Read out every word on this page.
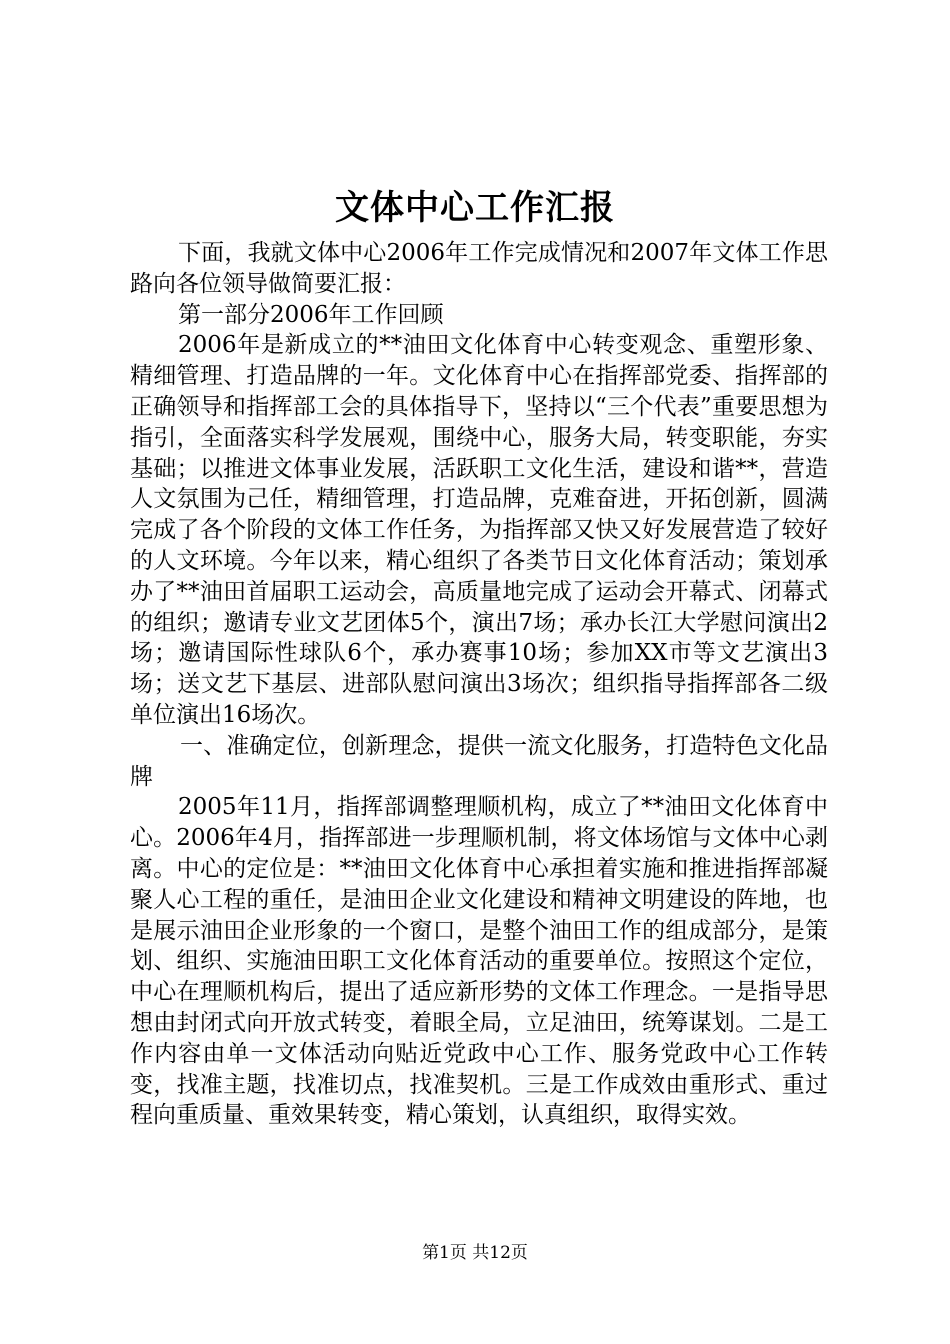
文体中心工作汇报

下面，我就文体中心2006年工作完成情况和2007年文体工作思路向各位领导做简要汇报：

第一部分2006年工作回顾

2006年是新成立的**油田文化体育中心转变观念、重塑形象、精细管理、打造品牌的一年。文化体育中心在指挥部党委、指挥部的正确领导和指挥部工会的具体指导下，坚持以“三个代表”重要思想为指引，全面落实科学发展观，围绕中心，服务大局，转变职能，夯实基础；以推进文体事业发展，活跃职工文化生活，建设和谐**，营造人文氛围为己任，精细管理，打造品牌，克难奋进，开拓创新，圆满完成了各个阶段的文体工作任务，为指挥部又快又好发展营造了较好的人文环境。今年以来，精心组织了各类节日文化体育活动；策划承办了**油田首届职工运动会，高质量地完成了运动会开幕式、闭幕式的组织；邀请专业文艺团体5个，演出7场；承办长江大学慰问演出2场；邀请国际性球队6个，承办赛事10场；参加XX市等文艺演出3场；送文艺下基层、进部队慰问演出3场次；组织指导指挥部各二级单位演出16场次。

一、准确定位，创新理念，提供一流文化服务，打造特色文化品牌

2005年11月，指挥部调整理顺机构，成立了**油田文化体育中心。2006年4月，指挥部进一步理顺机制，将文体场馆与文体中心剥离。中心的定位是：**油田文化体育中心承担着实施和推进指挥部凝聚人心工程的重任，是油田企业文化建设和精神文明建设的阵地，也是展示油田企业形象的一个窗口，是整个油田工作的组成部分，是策划、组织、实施油田职工文化体育活动的重要单位。按照这个定位，中心在理顺机构后，提出了适应新形势的文体工作理念。一是指导思想由封闭式向开放式转变，着眼全局，立足油田，统筹谋划。二是工作内容由单一文体活动向贴近党政中心工作、服务党政中心工作转变，找准主题，找准切点，找准契机。三是工作成效由重形式、重过程向重质量、重效果转变，精心策划，认真组织，取得实效。

第1页 共12页
